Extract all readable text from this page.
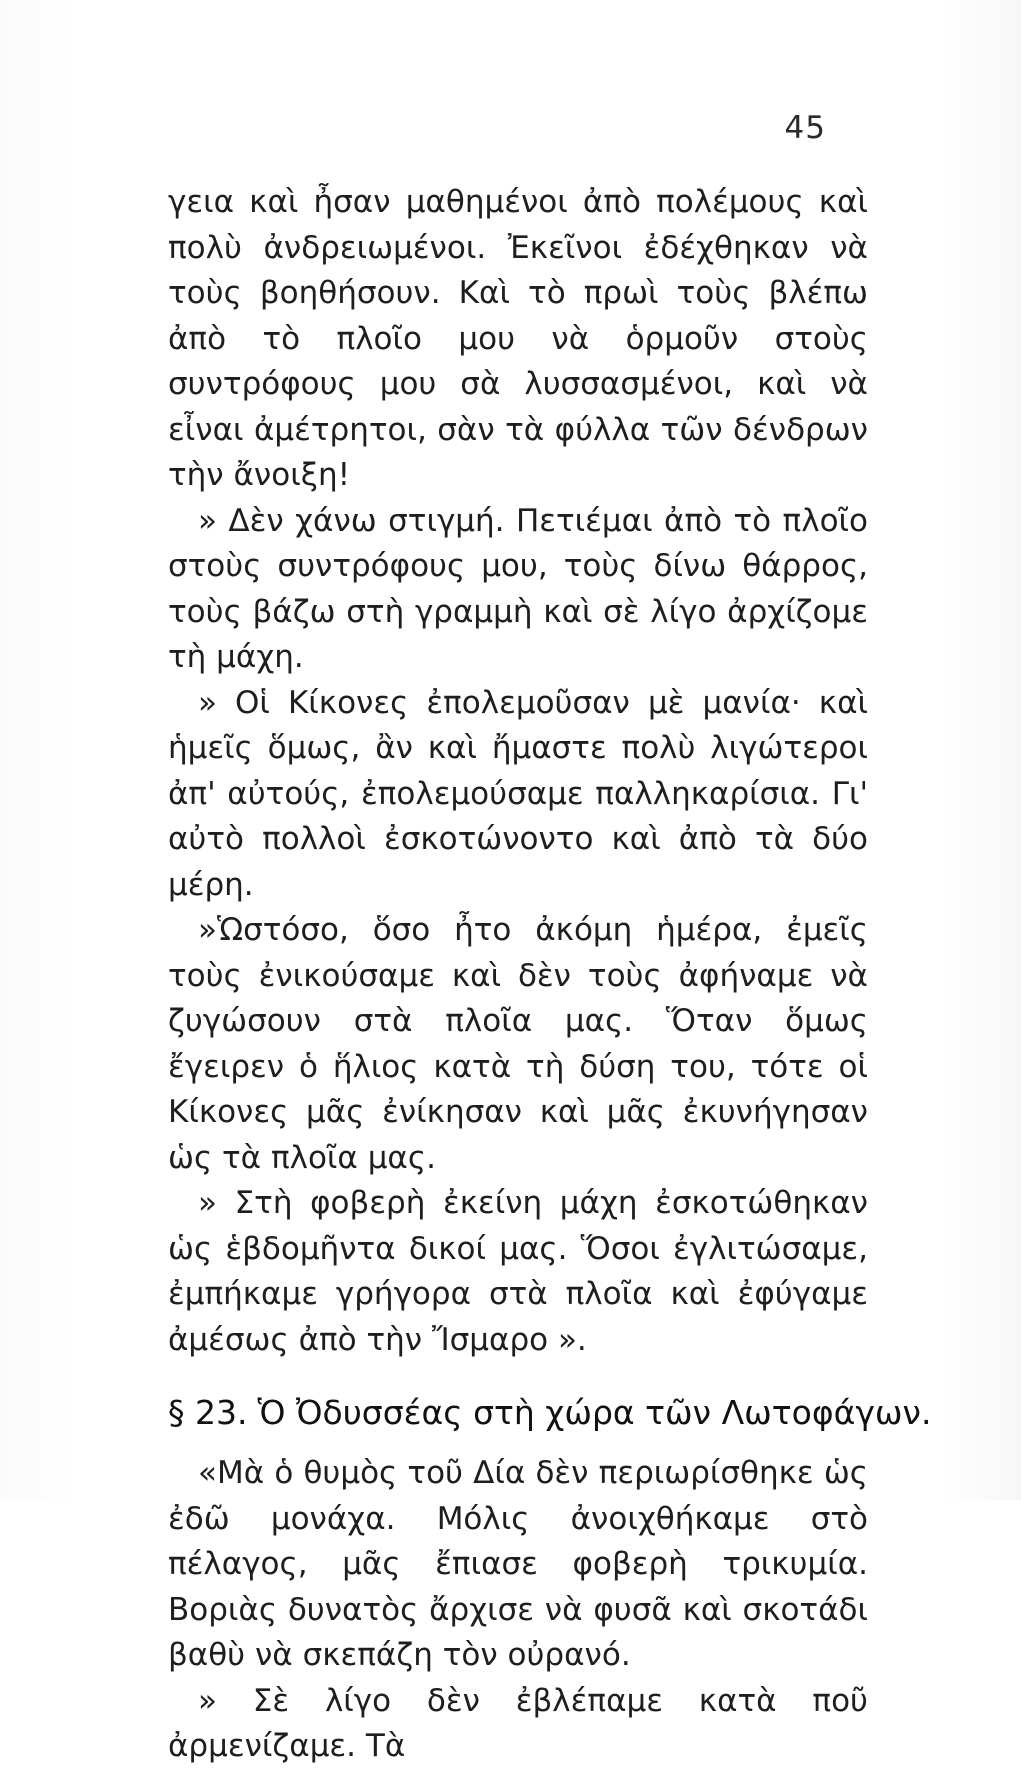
45

γεια καὶ ἦσαν μαθημένοι ἀπὸ πολέμους καὶ πολὺ ἀνδρειωμένοι. Ἐκεῖνοι ἐδέχθηκαν νὰ τοὺς βοηθήσουν. Καὶ τὸ πρωὶ τοὺς βλέπω ἀπὸ τὸ πλοῖο μου νὰ ὁρμοῦν στοὺς συντρόφους μου σὰ λυσσασμένοι, καὶ νὰ εἶναι ἀμέτρητοι, σὰν τὰ φύλλα τῶν δένδρων τὴν ἄνοιξη!

» Δὲν χάνω στιγμή. Πετιέμαι ἀπὸ τὸ πλοῖο στοὺς συντρόφους μου, τοὺς δίνω θάρρος, τοὺς βάζω στὴ γραμμὴ καὶ σὲ λίγο ἀρχίζομε τὴ μάχη.

» Οἱ Κίκονες ἐπολεμοῦσαν μὲ μανία· καὶ ἡμεῖς ὅμως, ἂν καὶ ἤμαστε πολὺ λιγώτεροι ἀπ' αὐτούς, ἐπολεμούσαμε παλληκαρίσια. Γι' αὐτὸ πολλοὶ ἐσκοτώνοντο καὶ ἀπὸ τὰ δύο μέρη.

»Ὡστόσο, ὅσο ἦτο ἀκόμη ἡμέρα, ἐμεῖς τοὺς ἐνικούσαμε καὶ δὲν τοὺς ἀφήναμε νὰ ζυγώσουν στὰ πλοῖα μας. Ὅταν ὅμως ἔγειρεν ὁ ἥλιος κατὰ τὴ δύση του, τότε οἱ Κίκονες μᾶς ἐνίκησαν καὶ μᾶς ἐκυνήγησαν ὡς τὰ πλοῖα μας.

» Στὴ φοβερὴ ἐκείνη μάχη ἐσκοτώθηκαν ὡς ἑβδομῆντα δικοί μας. Ὅσοι ἐγλιτώσαμε, ἐμπήκαμε γρήγορα στὰ πλοῖα καὶ ἐφύγαμε ἀμέσως ἀπὸ τὴν Ἴσμαρο ».

§ 23. Ὁ Ὀδυσσέας στὴ χώρα τῶν Λωτοφάγων.

«Μὰ ὁ θυμὸς τοῦ Δία δὲν περιωρίσθηκε ὡς ἐδῶ μονάχα. Μόλις ἀνοιχθήκαμε στὸ πέλαγος, μᾶς ἔπιασε φοβερὴ τρικυμία. Βοριὰς δυνατὸς ἄρχισε νὰ φυσᾶ καὶ σκοτάδι βαθὺ νὰ σκεπάζη τὸν οὐρανό.

» Σὲ λίγο δὲν ἐβλέπαμε κατὰ ποῦ ἀρμενίζαμε. Τὰ
